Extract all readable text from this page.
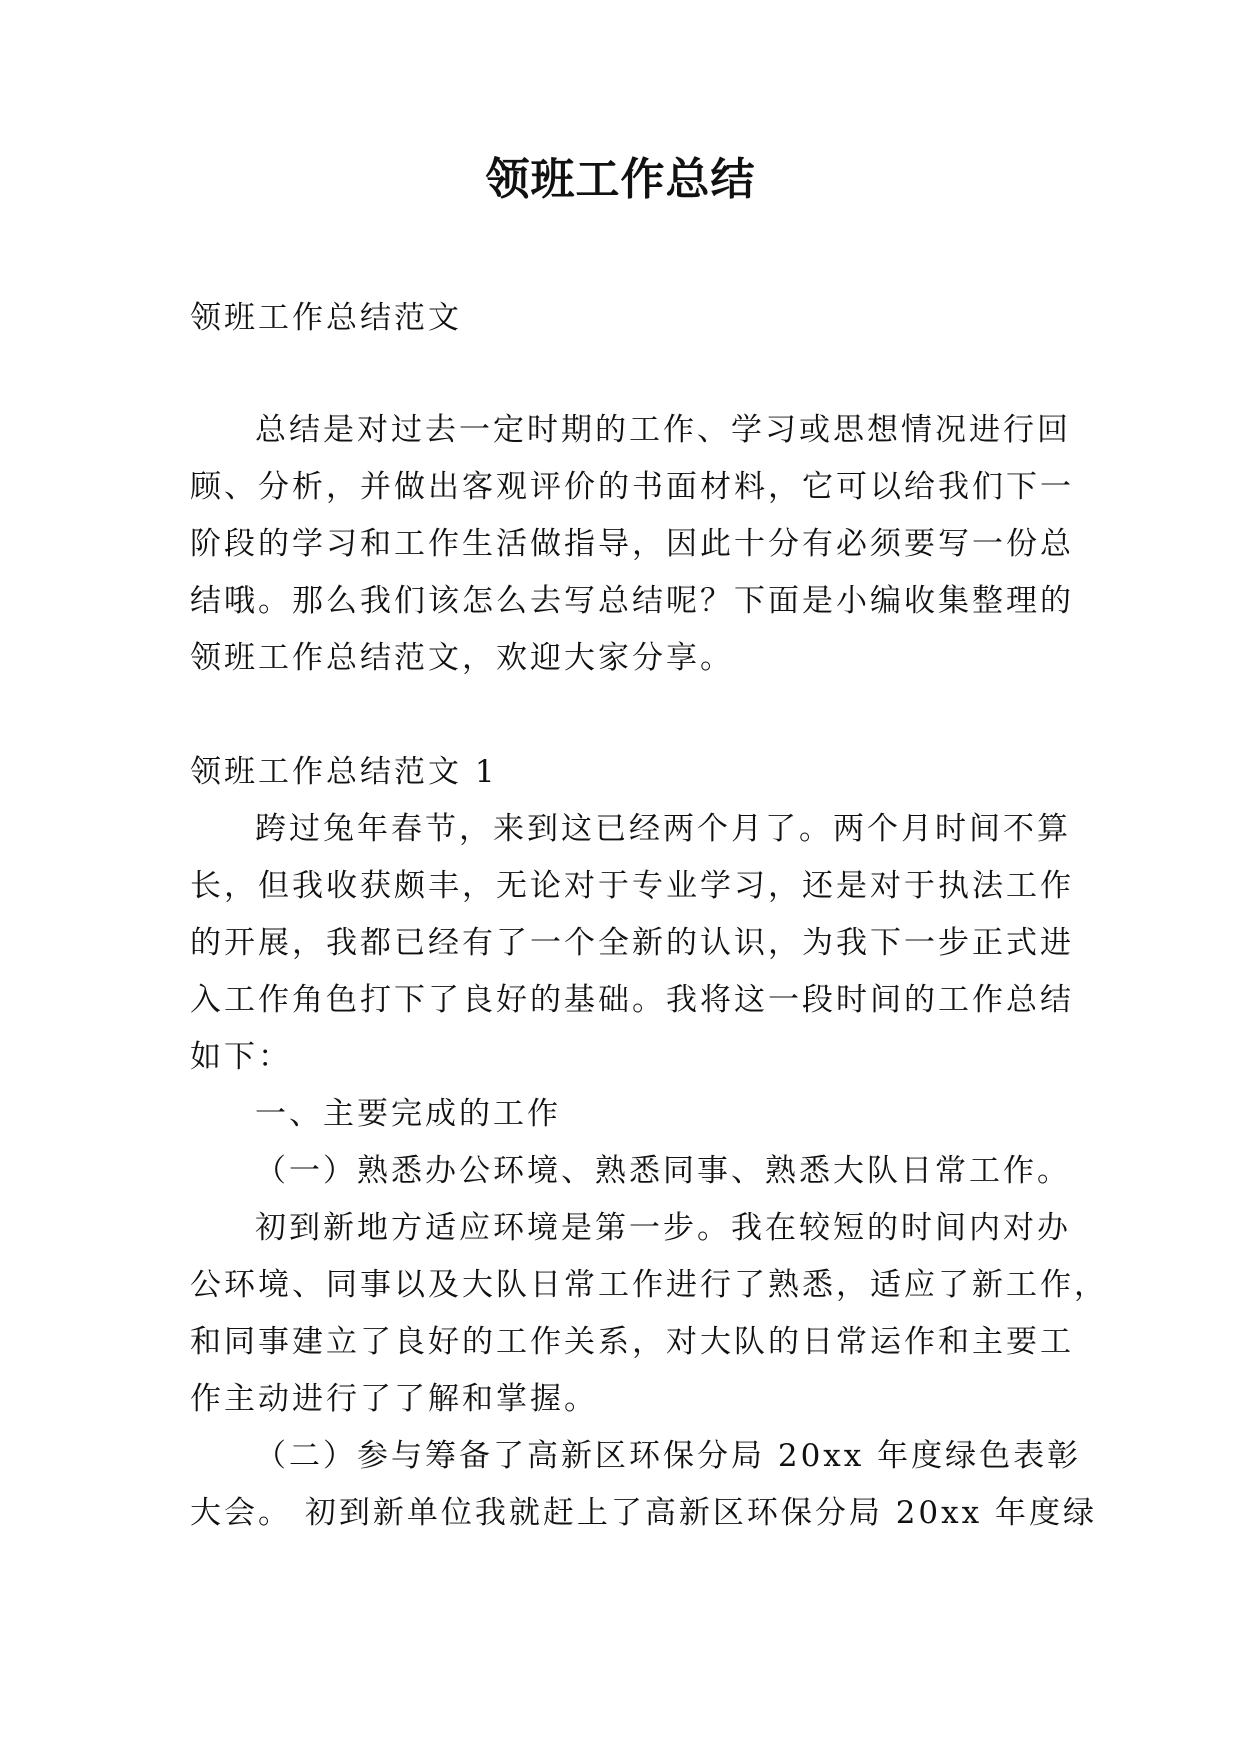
领班工作总结
领班工作总结范文
总结是对过去一定时期的工作、学习或思想情况进行回
顾、分析，并做出客观评价的书面材料，它可以给我们下一
阶段的学习和工作生活做指导，因此十分有必须要写一份总
结哦。那么我们该怎么去写总结呢？下面是小编收集整理的
领班工作总结范文，欢迎大家分享。
领班工作总结范文 1
跨过兔年春节，来到这已经两个月了。两个月时间不算
长，但我收获颇丰，无论对于专业学习，还是对于执法工作
的开展，我都已经有了一个全新的认识，为我下一步正式进
入工作角色打下了良好的基础。我将这一段时间的工作总结
如下：
一、主要完成的工作
（一）熟悉办公环境、熟悉同事、熟悉大队日常工作。
初到新地方适应环境是第一步。我在较短的时间内对办
公环境、同事以及大队日常工作进行了熟悉，适应了新工作，
和同事建立了良好的工作关系，对大队的日常运作和主要工
作主动进行了了解和掌握。
（二）参与筹备了高新区环保分局 20xx 年度绿色表彰
大会。 初到新单位我就赶上了高新区环保分局 20xx 年度绿
